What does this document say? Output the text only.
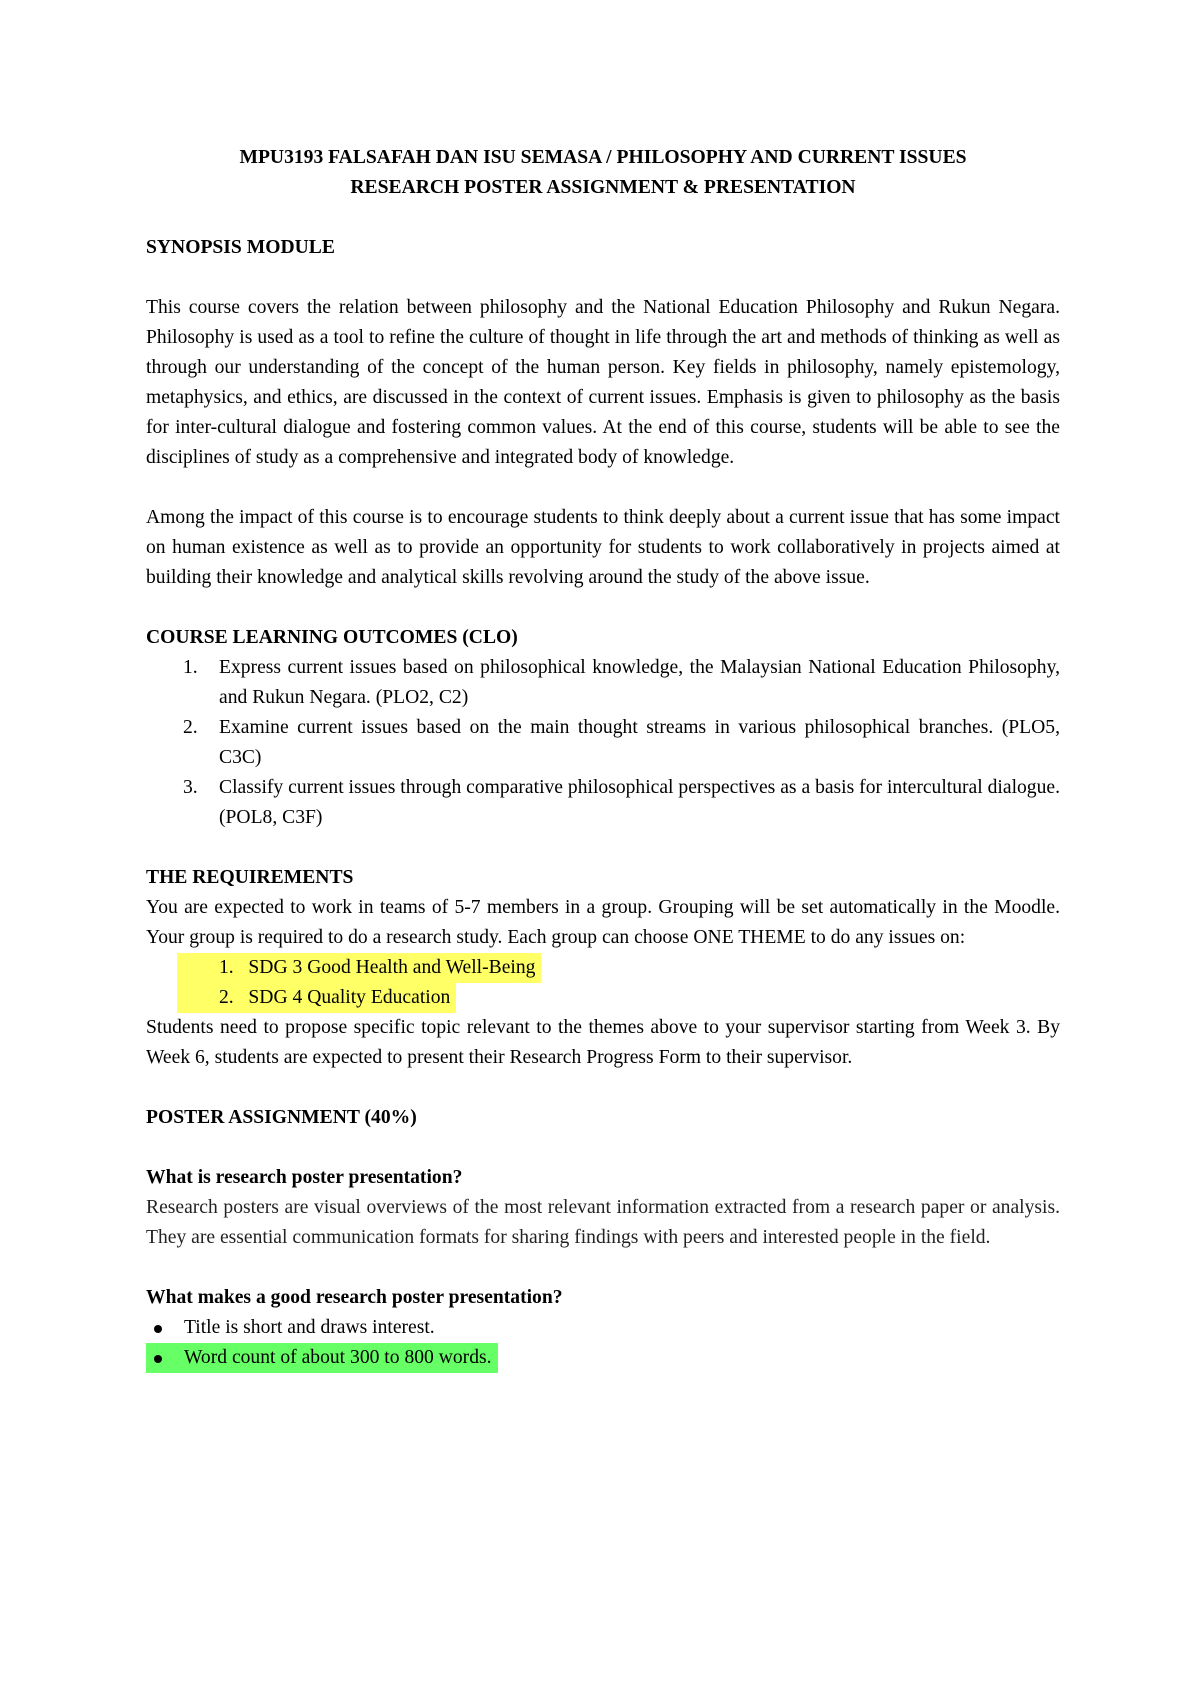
MPU3193 FALSAFAH DAN ISU SEMASA / PHILOSOPHY AND CURRENT ISSUES
RESEARCH POSTER ASSIGNMENT & PRESENTATION
SYNOPSIS MODULE

This course covers the relation between philosophy and the National Education Philosophy and Rukun Negara. Philosophy is used as a tool to refine the culture of thought in life through the art and methods of thinking as well as through our understanding of the concept of the human person. Key fields in philosophy, namely epistemology, metaphysics, and ethics, are discussed in the context of current issues. Emphasis is given to philosophy as the basis for inter-cultural dialogue and fostering common values. At the end of this course, students will be able to see the disciplines of study as a comprehensive and integrated body of knowledge.

Among the impact of this course is to encourage students to think deeply about a current issue that has some impact on human existence as well as to provide an opportunity for students to work collaboratively in projects aimed at building their knowledge and analytical skills revolving around the study of the above issue.

COURSE LEARNING OUTCOMES (CLO)
1. Express current issues based on philosophical knowledge, the Malaysian National Education Philosophy, and Rukun Negara. (PLO2, C2)
2. Examine current issues based on the main thought streams in various philosophical branches. (PLO5, C3C)
3. Classify current issues through comparative philosophical perspectives as a basis for intercultural dialogue. (POL8, C3F)
THE REQUIREMENTS

You are expected to work in teams of 5-7 members in a group. Grouping will be set automatically in the Moodle. Your group is required to do a research study. Each group can choose ONE THEME to do any issues on:

1. SDG 3 Good Health and Well-Being
2. SDG 4 Quality Education

Students need to propose specific topic relevant to the themes above to your supervisor starting from Week 3. By Week 6, students are expected to present their Research Progress Form to their supervisor.

POSTER ASSIGNMENT (40%)
What is research poster presentation?

Research posters are visual overviews of the most relevant information extracted from a research paper or analysis. They are essential communication formats for sharing findings with peers and interested people in the field.

What makes a good research poster presentation?
Title is short and draws interest.
Word count of about 300 to 800 words.
